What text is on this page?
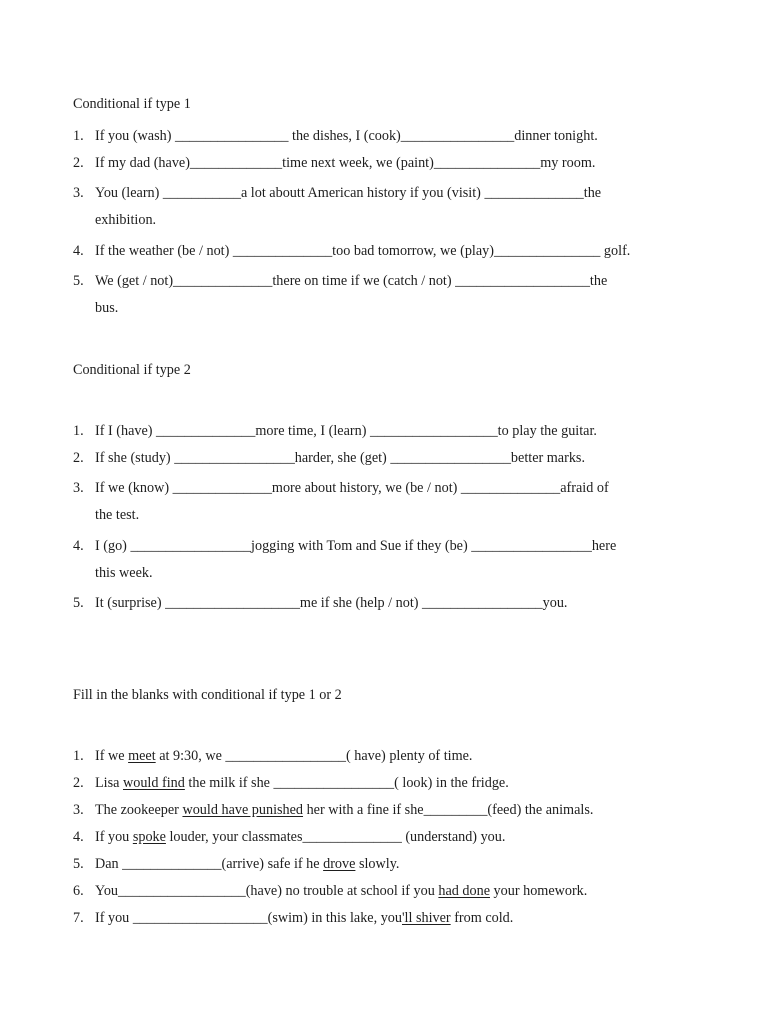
Conditional if type 1
1. If you (wash) ________________ the dishes, I (cook)________________dinner tonight.
2. If my dad (have)_____________time next week, we (paint)_______________my room.
3. You (learn) ___________a lot aboutt American history if you (visit) ______________the
exhibition.
4. If the weather (be / not) ______________too bad tomorrow, we (play)_______________ golf.
5. We (get / not)______________there on time if we (catch / not) ___________________the
bus.
Conditional if type 2
1. If I (have) ______________more time, I (learn) __________________to play the guitar.
2. If she (study) _________________harder, she (get) _________________better marks.
3. If we (know) ______________more about history, we (be / not) ______________afraid of
the test.
4. I (go) _________________jogging with Tom and Sue if they (be) _________________here
this week.
5. It (surprise) ___________________me if she (help / not) _________________you.
Fill in the blanks with conditional if type 1 or 2
1. If we meet at 9:30, we _________________( have) plenty of time.
2. Lisa would find the milk if she _________________( look) in the fridge.
3. The zookeeper would have punished her with a fine if she_________(feed) the animals.
4. If you spoke louder, your classmates______________ (understand) you.
5. Dan ______________(arrive) safe if he drove slowly.
6. You__________________(have) no trouble at school if you had done your homework.
7. If you ___________________(swim) in this lake, you'll shiver from cold.
